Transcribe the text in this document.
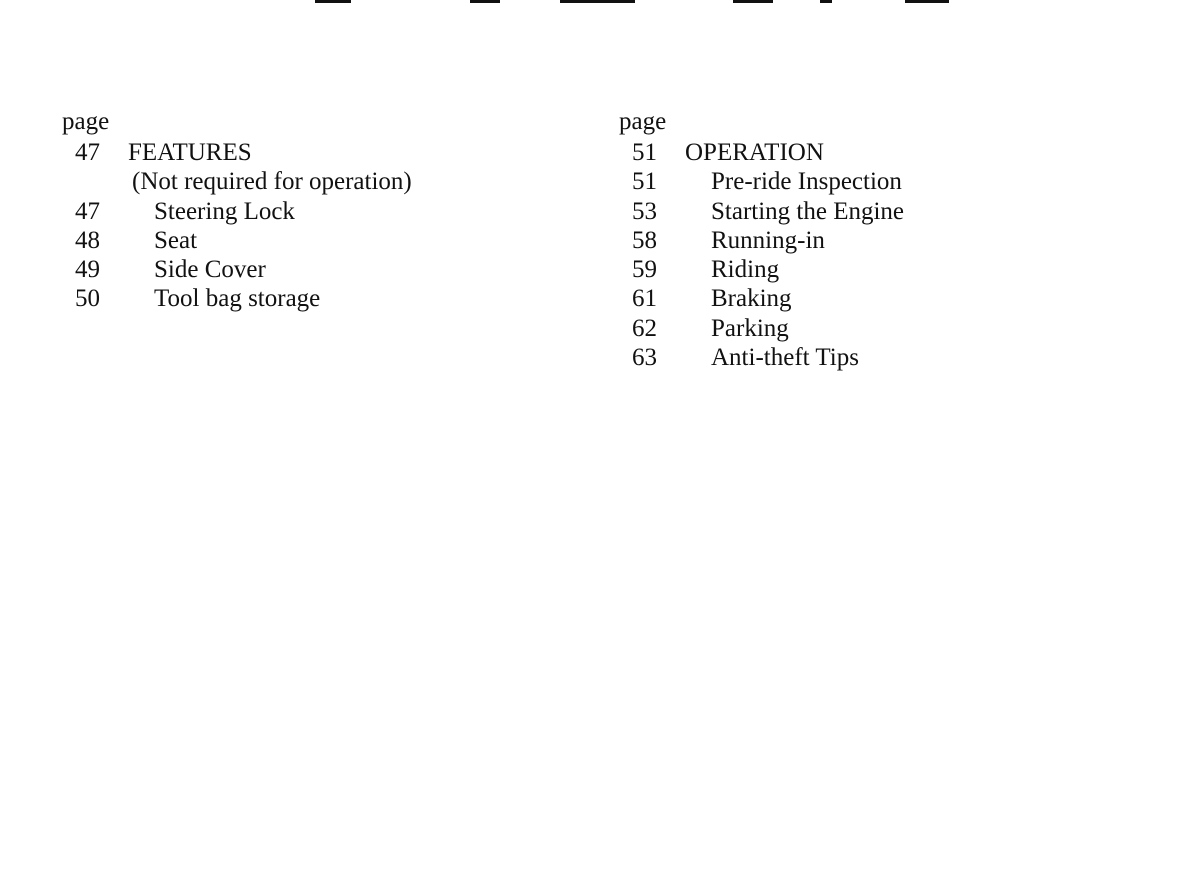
page
47 FEATURES
(Not required for operation)
47 Steering Lock
48 Seat
49 Side Cover
50 Tool bag storage
page
51 OPERATION
51 Pre-ride Inspection
53 Starting the Engine
58 Running-in
59 Riding
61 Braking
62 Parking
63 Anti-theft Tips
